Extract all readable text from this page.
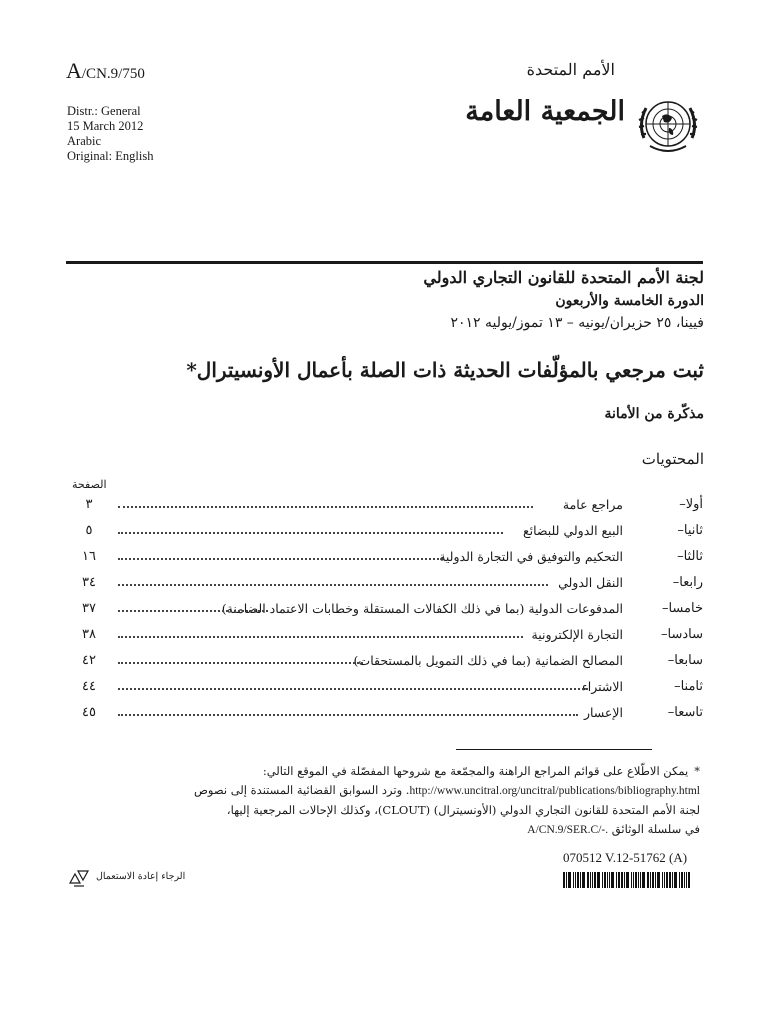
A/CN.9/750	الأمم المتحدة
Distr.: General
15 March 2012
Arabic
Original: English
الجمعية العامة
لجنة الأمم المتحدة للقانون التجاري الدولي
الدورة الخامسة والأربعون
فيينا، ٢٥ حزيران/يونيه – ١٣ تموز/يوليه ٢٠١٢
ثبت مرجعي بالمؤلّفات الحديثة ذات الصلة بأعمال الأونسيترال*
مذكّرة من الأمانة
المحتويات
الصفحة
أولا–
مراجع عامة
٣
ثانيا–
البيع الدولي للبضائع
٥
ثالثا–
التحكيم والتوفيق في التجارة الدولية
١٦
رابعا–
النقل الدولي
٣٤
خامسا–
المدفوعات الدولية (بما في ذلك الكفالات المستقلة وخطابات الاعتماد الضامنة)
٣٧
سادسا–
التجارة الإلكترونية
٣٨
سابعا–
المصالح الضمانية (بما في ذلك التمويل بالمستحقات)
٤٢
ثامنا–
الاشتراء
٤٤
تاسعا–
الإعسار
٤٥
*يمكن الاطّلاع على قوائم المراجع الراهنة والمجمّعة مع شروحها المفصّلة في الموقع التالي:
http://www.uncitral.org/uncitral/publications/bibliography.html. وترد السوابق القضائية المستندة إلى نصوص
لجنة الأمم المتحدة للقانون التجاري الدولي (الأونسيترال) (CLOUT)، وكذلك الإحالات المرجعية إليها،
في سلسلة الوثائق A/CN.9/SER.C/-.
070512 V.12-51762 (A)
الرجاء إعادة الاستعمال
